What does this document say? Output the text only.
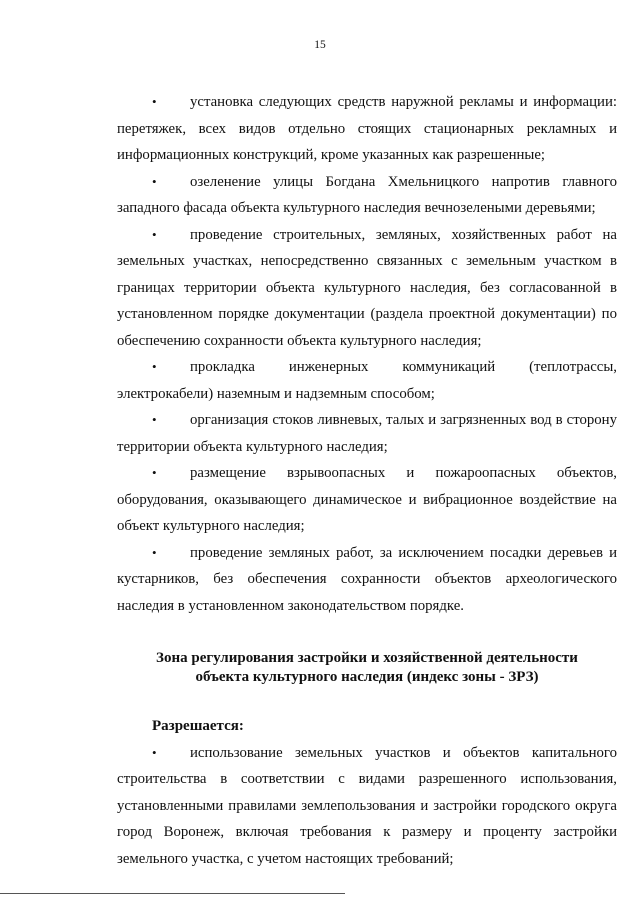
15
• установка следующих средств наружной рекламы и информации: перетяжек, всех видов отдельно стоящих стационарных рекламных и информационных конструкций, кроме указанных как разрешенные;
• озеленение улицы Богдана Хмельницкого напротив главного западного фасада объекта культурного наследия вечнозелеными деревьями;
• проведение строительных, земляных, хозяйственных работ на земельных участках, непосредственно связанных с земельным участком в границах территории объекта культурного наследия, без согласованной в установленном порядке документации (раздела проектной документации) по обеспечению сохранности объекта культурного наследия;
• прокладка инженерных коммуникаций (теплотрассы, электрокабели) наземным и надземным способом;
• организация стоков ливневых, талых и загрязненных вод в сторону территории объекта культурного наследия;
• размещение взрывоопасных и пожароопасных объектов, оборудования, оказывающего динамическое и вибрационное воздействие на объект культурного наследия;
• проведение земляных работ, за исключением посадки деревьев и кустарников, без обеспечения сохранности объектов археологического наследия в установленном законодательством порядке.
Зона регулирования застройки и хозяйственной деятельности
объекта культурного наследия (индекс зоны - ЗРЗ)
Разрешается:
• использование земельных участков и объектов капитального строительства в соответствии с видами разрешенного использования, установленными правилами землепользования и застройки городского округа город Воронеж, включая требования к размеру и проценту застройки земельного участка, с учетом настоящих требований;
